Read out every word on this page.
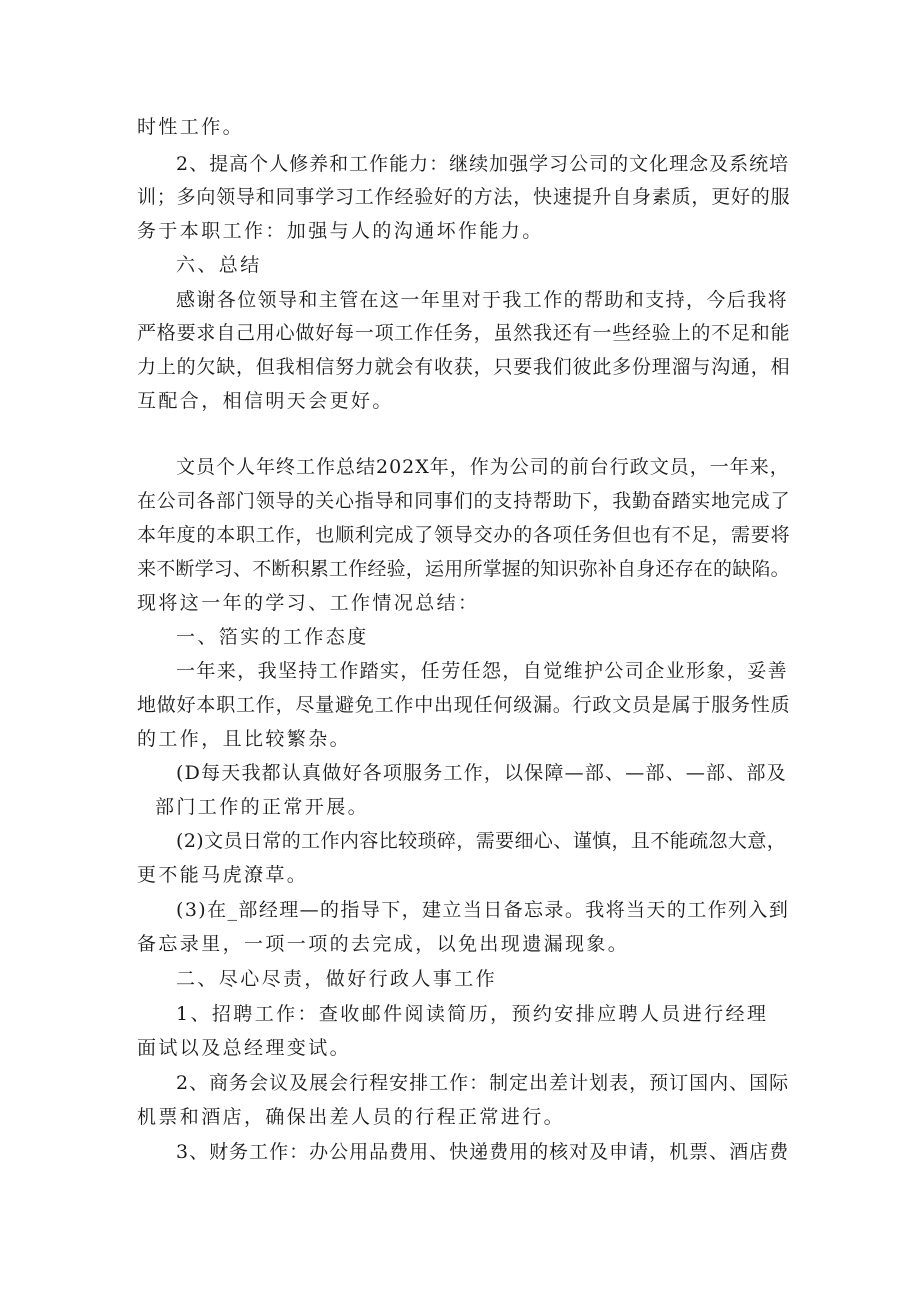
时性工作。
2、提高个人修养和工作能力：继续加强学习公司的文化理念及系统培
训；多向领导和同事学习工作经验好的方法，快速提升自身素质，更好的服
务于本职工作：加强与人的沟通坏作能力。
六、总结
感谢各位领导和主管在这一年里对于我工作的帮助和支持，今后我将
严格要求自己用心做好每一项工作任务，虽然我还有一些经验上的不足和能
力上的欠缺，但我相信努力就会有收获，只要我们彼此多份理溜与沟通，相
互配合，相信明天会更好。
文员个人年终工作总结202X年，作为公司的前台行政文员，一年来，
在公司各部门领导的关心指导和同事们的支持帮助下，我勤奋踏实地完成了
本年度的本职工作，也顺利完成了领导交办的各项任务但也有不足，需要将
来不断学习、不断积累工作经验，运用所掌握的知识弥补自身还存在的缺陷。
现将这一年的学习、工作情况总结：
一、箔实的工作态度
一年来，我坚持工作踏实，任劳任怨，自觉维护公司企业形象，妥善
地做好本职工作，尽量避免工作中出现任何级漏。行政文员是属于服务性质
的工作，且比较繁杂。
(D每天我都认真做好各项服务工作，以保障—部、—部、—部、部及
部门工作的正常开展。
(2)文员日常的工作内容比较琐碎，需要细心、谨慎，且不能疏忽大意，
更不能马虎潦草。
(3)在_部经理—的指导下，建立当日备忘录。我将当天的工作列入到
备忘录里，一项一项的去完成，以免出现遗漏现象。
二、尽心尽责，做好行政人事工作
1、招聘工作：查收邮件阅读简历，预约安排应聘人员进行经理
面试以及总经理变试。
2、商务会议及展会行程安排工作：制定出差计划表，预订国内、国际
机票和酒店，确保出差人员的行程正常进行。
3、财务工作：办公用品费用、快递费用的核对及申请，机票、酒店费
